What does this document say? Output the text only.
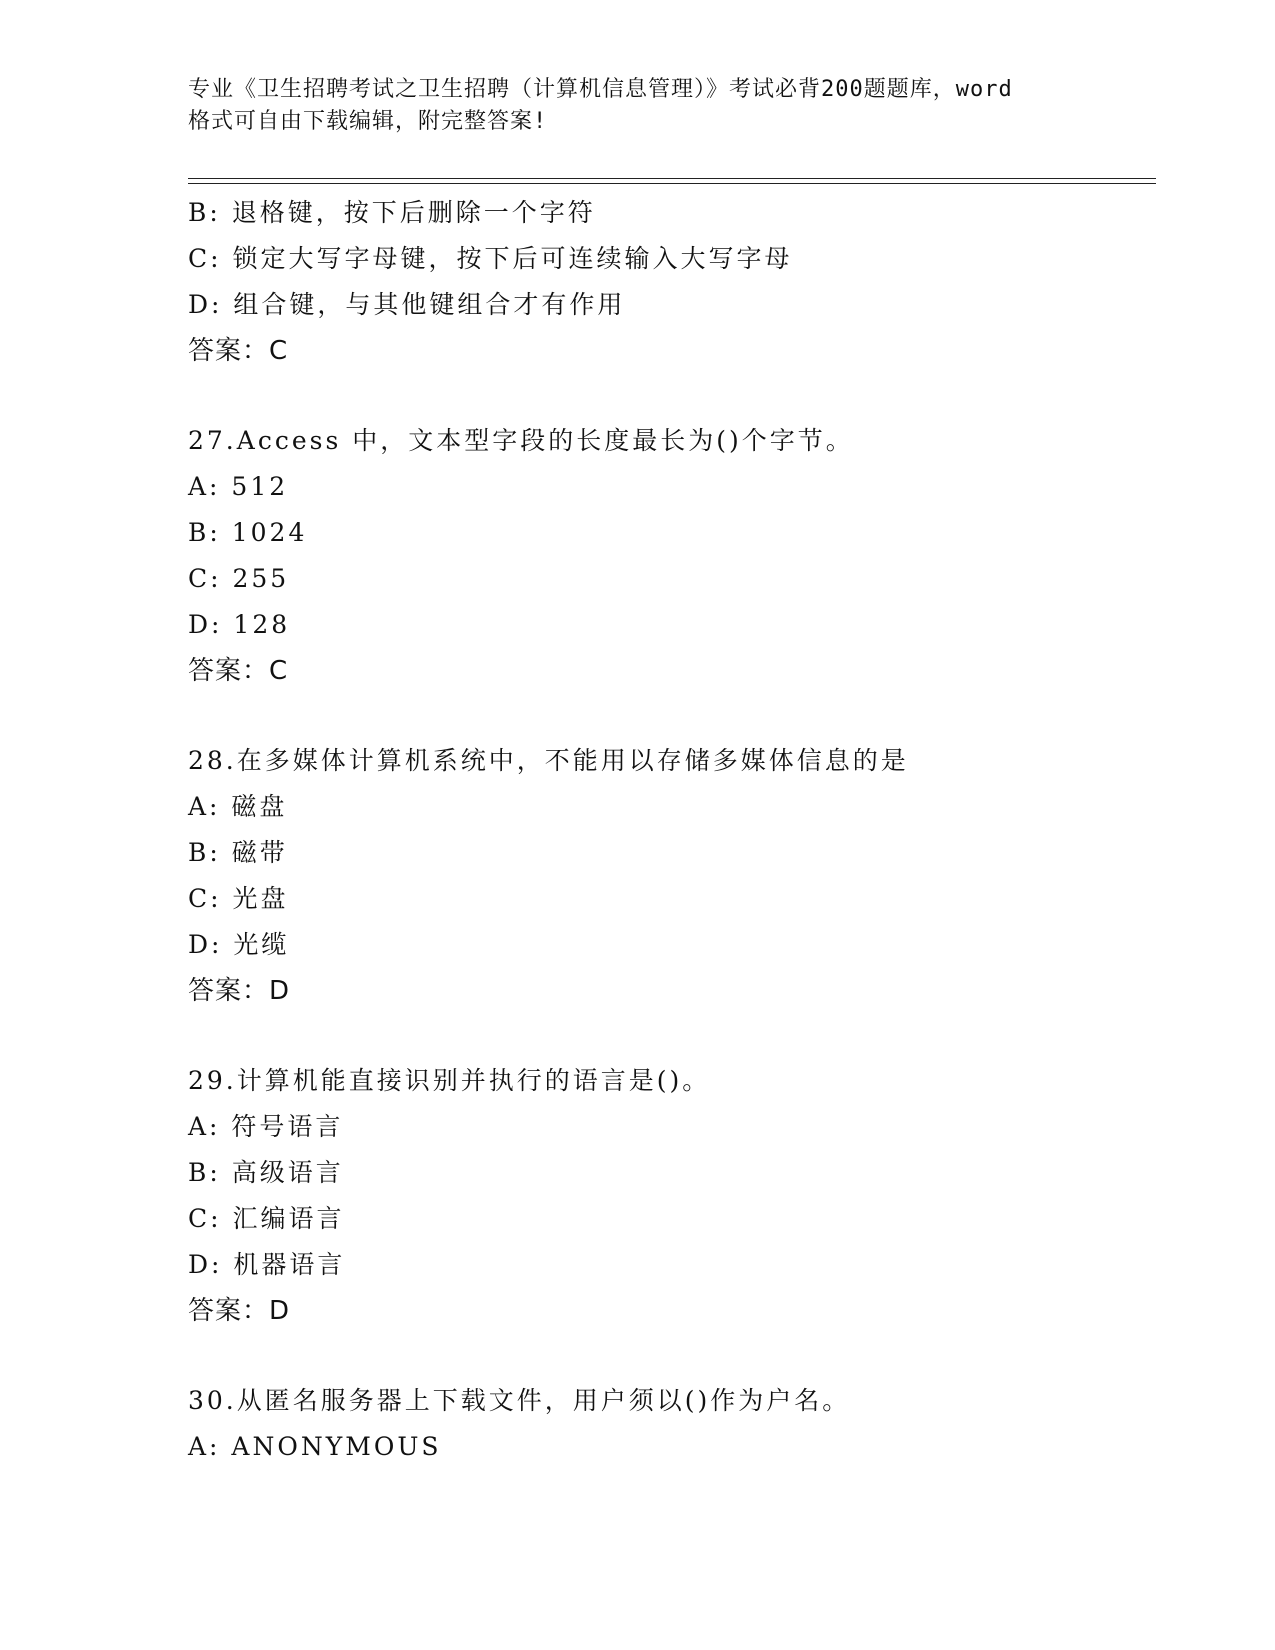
专业《卫生招聘考试之卫生招聘（计算机信息管理）》考试必背200题题库，word
格式可自由下载编辑，附完整答案!
B: 退格键，按下后删除一个字符
C: 锁定大写字母键，按下后可连续输入大写字母
D: 组合键，与其他键组合才有作用
答案：C
27.Access 中，文本型字段的长度最长为()个字节。
A: 512
B: 1024
C: 255
D: 128
答案：C
28.在多媒体计算机系统中，不能用以存储多媒体信息的是
A: 磁盘
B: 磁带
C: 光盘
D: 光缆
答案：D
29.计算机能直接识别并执行的语言是()。
A: 符号语言
B: 高级语言
C: 汇编语言
D: 机器语言
答案：D
30.从匿名服务器上下载文件，用户须以()作为户名。
A: ANONYMOUS
